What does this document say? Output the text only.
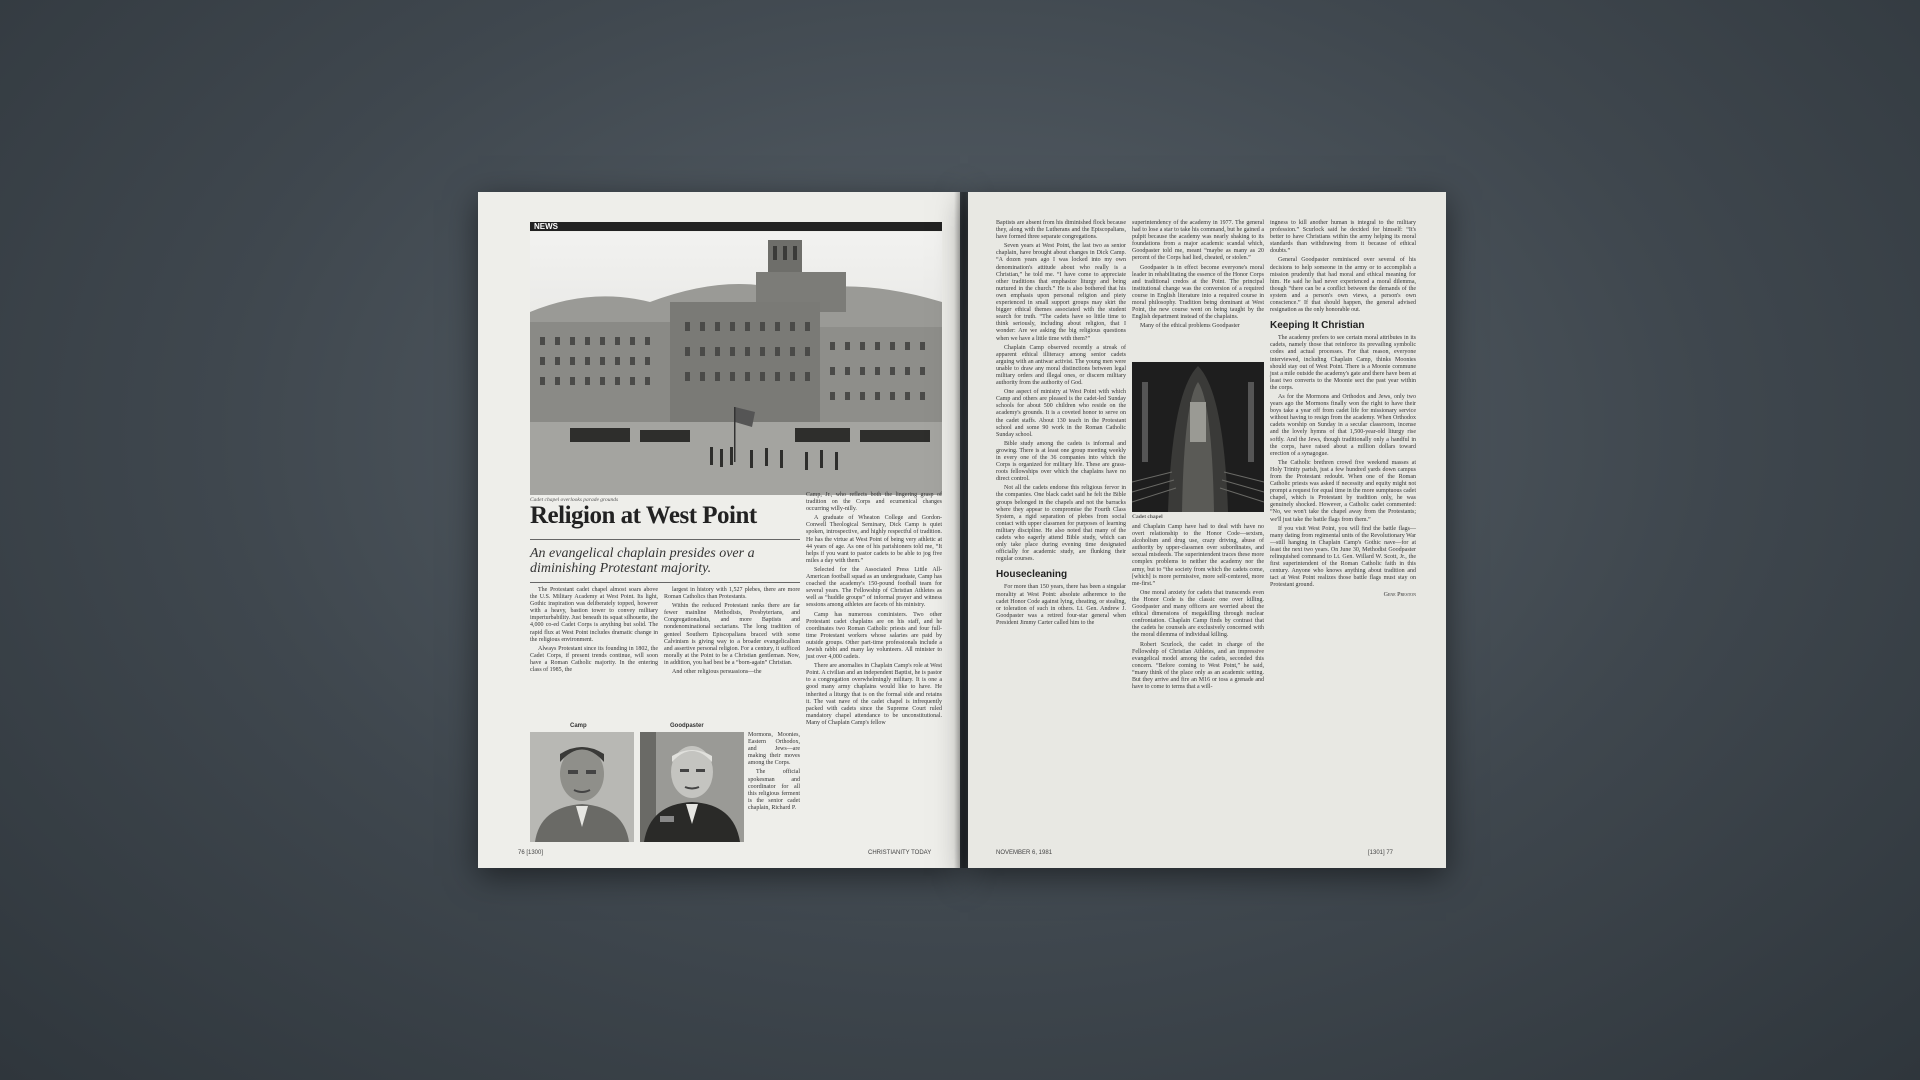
NEWS
Cadet chapel overlooks parade grounds
Religion at West Point
An evangelical chaplain presides over a diminishing Protestant majority.

The Protestant cadet chapel almost soars above the U.S. Military Academy at West Point. Its light, Gothic inspiration was deliberately topped, however with a heavy, bastion tower to convey military imperturbability. Just beneath its squat silhouette, the 4,000 co-ed Cadet Corps is anything but solid. The rapid flux at West Point includes dramatic change in the religious environment.

Always Protestant since its founding in 1802, the Cadet Corps, if present trends continue, will soon have a Roman Catholic majority. In the entering class of 1985, the

largest in history with 1,527 plebes, there are more Roman Catholics than Protestants.

Within the reduced Protestant ranks there are far fewer mainline Methodists, Presbyterians, and Congregationalists, and more Baptists and nondenominational sectarians. The long tradition of genteel Southern Episcopalians braced with some Calvinism is giving way to a broader evangelicalism and assertive personal religion. For a century, it sufficed morally at the Point to be a Christian gentleman. Now, in addition, you had best be a “born-again” Christian.

And other religious persuasions—the

Mormons, Moonies, Eastern Orthodox, and Jews—are making their moves among the Corps.

The official spokesman and coordinator for all this religious ferment is the senior cadet chaplain, Richard P.

Camp	Goodpaster

Camp, Jr., who reflects both the lingering grasp of tradition on the Corps and ecumenical changes occurring willy-nilly.

A graduate of Wheaton College and Gordon-Conwell Theological Seminary, Dick Camp is quiet spoken, introspective, and highly respectful of tradition. He has the virtue at West Point of being very athletic at 44 years of age. As one of his parishioners told me, “It helps if you want to pastor cadets to be able to jog five miles a day with them.”

Selected for the Associated Press Little All-American football squad as an undergraduate, Camp has coached the academy's 150-pound football team for several years. The Fellowship of Christian Athletes as well as “huddle groups” of informal prayer and witness sessions among athletes are facets of his ministry.

Camp has numerous coministers. Two other Protestant cadet chaplains are on his staff, and he coordinates two Roman Catholic priests and four full-time Protestant workers whose salaries are paid by outside groups. Other part-time professionals include a Jewish rabbi and many lay volunteers. All minister to just over 4,000 cadets.

There are anomalies in Chaplain Camp's role at West Point. A civilian and an independent Baptist, he is pastor to a congregation overwhelmingly military. It is one a good many army chaplains would like to have. He inherited a liturgy that is on the formal side and retains it. The vast nave of the cadet chapel is infrequently packed with cadets since the Supreme Court ruled mandatory chapel attendance to be unconstitutional. Many of Chaplain Camp's fellow

76 [1300]	CHRISTIANITY TODAY

Baptists are absent from his diminished flock because they, along with the Lutherans and the Episcopalians, have formed three separate congregations.

Seven years at West Point, the last two as senior chaplain, have brought about changes in Dick Camp. “A dozen years ago I was locked into my own denomination's attitude about who really is a Christian,” he told me. “I have come to appreciate other traditions that emphasize liturgy and being nurtured in the church.” He is also bothered that his own emphasis upon personal religion and piety experienced in small support groups may skirt the bigger ethical themes associated with the student search for truth. “The cadets have so little time to think seriously, including about religion, that I wonder: Are we asking the big religious questions when we have a little time with them?”

Chaplain Camp observed recently a streak of apparent ethical illiteracy among senior cadets arguing with an antiwar activist. The young men were unable to draw any moral distinctions between legal military orders and illegal ones, or discern military authority from the authority of God.

One aspect of ministry at West Point with which Camp and others are pleased is the cadet-led Sunday schools for about 500 children who reside on the academy's grounds. It is a coveted honor to serve on the cadet staffs. About 130 teach in the Protestant school and some 90 work in the Roman Catholic Sunday school.

Bible study among the cadets is informal and growing. There is at least one group meeting weekly in every one of the 36 companies into which the Corps is organized for military life. These are grass-roots fellowships over which the chaplains have no direct control.

Not all the cadets endorse this religious fervor in the companies. One black cadet said he felt the Bible groups belonged in the chapels and not the barracks where they appear to compromise the Fourth Class System, a rigid separation of plebes from social contact with upper classmen for purposes of learning military discipline. He also noted that many of the cadets who eagerly attend Bible study, which can only take place during evening time designated officially for academic study, are flunking their regular courses.

Housecleaning

For more than 150 years, there has been a singular morality at West Point: absolute adherence to the cadet Honor Code against lying, cheating, or stealing, or toleration of such in others. Lt. Gen. Andrew J. Goodpaster was a retired four-star general when President Jimmy Carter called him to the

superintendency of the academy in 1977. The general had to lose a star to take his command, but he gained a pulpit because the academy was nearly shaking to its foundations from a major academic scandal which, Goodpaster told me, meant “maybe as many as 20 percent of the Corps had lied, cheated, or stolen.”

Goodpaster is in effect become everyone's moral leader in rehabilitating the essence of the Honor Corps and traditional credos at the Point. The principal institutional change was the conversion of a required course in English literature into a required course in moral philosophy. Tradition being dominant at West Point, the new course went on being taught by the English department instead of the chaplains.

Many of the ethical problems Goodpaster

Cadet chapel

and Chaplain Camp have had to deal with have no overt relationship to the Honor Code—sexism, alcoholism and drug use, crazy driving, abuse of authority by upper-classmen over subordinates, and sexual misdeeds. The superintendent traces these more complex problems to neither the academy nor the army, but to “the society from which the cadets come, [which] is more permissive, more self-centered, more me-first.”

One moral anxiety for cadets that transcends even the Honor Code is the classic one over killing. Goodpaster and many officers are worried about the ethical dimensions of megakilling through nuclear confrontation. Chaplain Camp finds by contrast that the cadets he counsels are exclusively concerned with the moral dilemma of individual killing.

Robert Scurlock, the cadet in charge of the Fellowship of Christian Athletes, and an impressive evangelical model among the cadets, seconded this concern. “Before coming to West Point,” he said, “many think of the place only as an academic setting. But they arrive and fire an M16 or toss a grenade and have to come to terms that a will-

ingness to kill another human is integral to the military profession.” Scurlock said he decided for himself: “It's better to have Christians within the army helping its moral standards than withdrawing from it because of ethical doubts.”

General Goodpaster reminisced over several of his decisions to help someone in the army or to accomplish a mission prudently that had moral and ethical meaning for him. He said he had never experienced a moral dilemma, though “there can be a conflict between the demands of the system and a person's own views, a person's own conscience.” If that should happen, the general advised resignation as the only honorable out.

Keeping It Christian

The academy prefers to see certain moral attributes in its cadets, namely those that reinforce its prevailing symbolic codes and actual processes. For that reason, everyone interviewed, including Chaplain Camp, thinks Moonies should stay out of West Point. There is a Moonie commune just a mile outside the academy's gate and there have been at least two converts to the Moonie sect the past year within the corps.

As for the Mormons and Orthodox and Jews, only two years ago the Mormons finally won the right to have their boys take a year off from cadet life for missionary service without having to resign from the academy. When Orthodox cadets worship on Sunday in a secular classroom, incense and the lovely hymns of that 1,500-year-old liturgy rise softly. And the Jews, though traditionally only a handful in the corps, have raised about a million dollars toward erection of a synagogue.

The Catholic brethren crowd five weekend masses at Holy Trinity parish, just a few hundred yards down campus from the Protestant redoubt. When one of the Roman Catholic priests was asked if necessity and equity might not prompt a request for equal time in the more sumptuous cadet chapel, which is Protestant by tradition only, he was genuinely shocked. However, a Catholic cadet commented: “No, we won't take the chapel away from the Protestants; we'll just take the battle flags from them.”

If you visit West Point, you will find the battle flags—many dating from regimental units of the Revolutionary War—still hanging in Chaplain Camp's Gothic nave—for at least the next two years. On June 30, Methodist Goodpaster relinquished command to Lt. Gen. Willard W. Scott, Jr., the first superintendent of the Roman Catholic faith in this century. Anyone who knows anything about tradition and tact at West Point realizes those battle flags must stay on Protestant ground.

Gene Preston
NOVEMBER 6, 1981	[1301] 77
